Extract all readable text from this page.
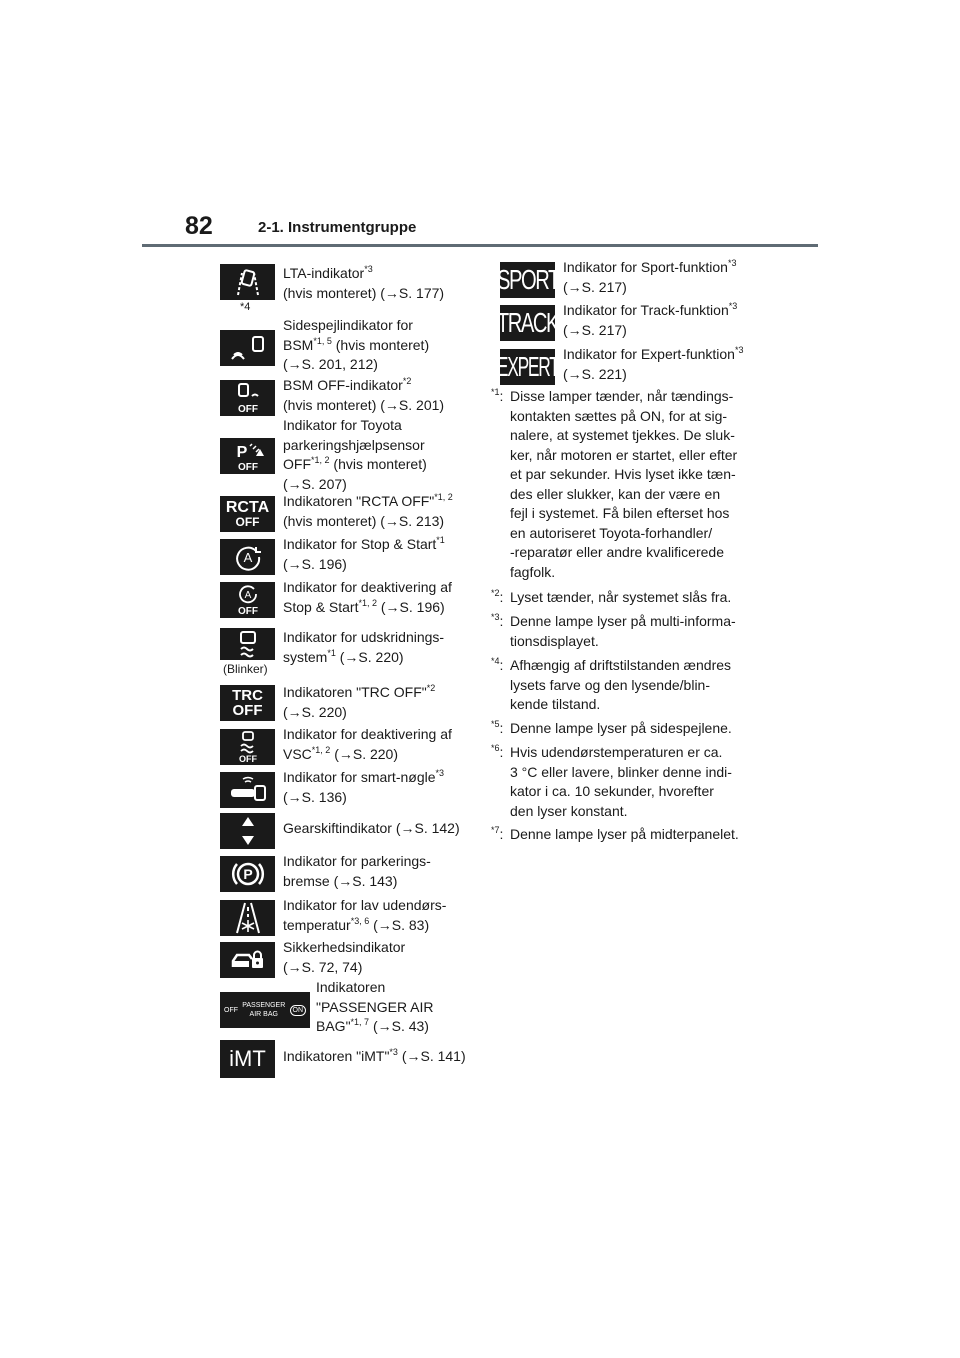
82	2-1. Instrumentgruppe
*4
LTA-indikator$^{*3}$
(hvis monteret) (→S. 177)
Sidespejlindikator for
BSM$^{*1, 5}$ (hvis monteret)
(→S. 201, 212)
OFF
BSM OFF-indikator$^{*2}$
(hvis monteret) (→S. 201)
P
OFF
Indikator for Toyota
parkeringshjælpsensor
OFF$^{*1, 2}$ (hvis monteret)
(→S. 207)
RCTA
OFF
Indikatoren "RCTA OFF"$^{*1, 2}$
(hvis monteret) (→S. 213)
A
Indikator for Stop & Start$^{*1}$
(→S. 196)
A
OFF
Indikator for deaktivering af
Stop & Start$^{*1, 2}$ (→S. 196)
(Blinker)
Indikator for udskridnings-
system$^{*1}$ (→S. 220)
TRC
OFF
Indikatoren "TRC OFF"$^{*2}$
(→S. 220)
OFF
Indikator for deaktivering af
VSC$^{*1, 2}$ (→S. 220)
Indikator for smart-nøgle$^{*3}$
(→S. 136)
Gearskiftindikator (→S. 142)
P
Indikator for parkerings-
bremse (→S. 143)
Indikator for lav udendørs-
temperatur$^{*3, 6}$ (→S. 83)
Sikkerhedsindikator
(→S. 72, 74)
OFF
PASSENGER
AIR BAG
ON
Indikatoren
"PASSENGER AIR
BAG"$^{*1, 7}$ (→S. 43)
iMT Indikatoren "iMT"$^{*3}$ (→S. 141)
SPORT Indikator for Sport-funktion$^{*3}$
(→S. 217)
TRACK Indikator for Track-funktion$^{*3}$
(→S. 217)
EXPERT Indikator for Expert-funktion$^{*3}$
(→S. 221)
$^{*1}$: Disse lamper tænder, når tændings-
kontakten sættes på ON, for at sig-
nalere, at systemet tjekkes. De sluk-
ker, når motoren er startet, eller efter
et par sekunder. Hvis lyset ikke tæn-
des eller slukker, kan der være en
fejl i systemet. Få bilen efterset hos
en autoriseret Toyota-forhandler/
-reparatør eller andre kvalificerede
fagfolk.
$^{*2}$: Lyset tænder, når systemet slås fra.
$^{*3}$: Denne lampe lyser på multi-informa-
tionsdisplayet.
$^{*4}$: Afhængig af driftstilstanden ændres
lysets farve og den lysende/blin-
kende tilstand.
$^{*5}$: Denne lampe lyser på sidespejlene.
$^{*6}$: Hvis udendørstemperaturen er ca.
3 °C eller lavere, blinker denne indi-
kator i ca. 10 sekunder, hvorefter
den lyser konstant.
$^{*7}$: Denne lampe lyser på midterpanelet.
